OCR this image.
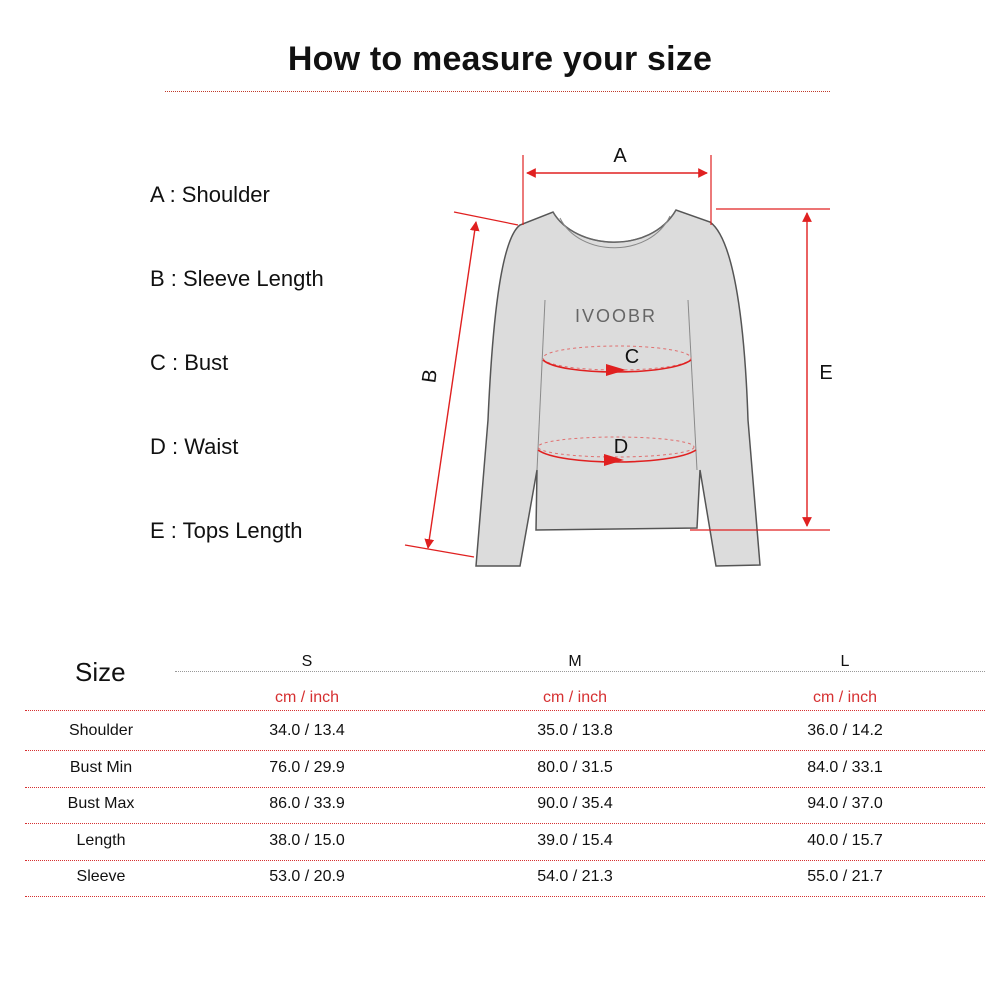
How to measure your size
A : Shoulder
B : Sleeve Length
C : Bust
D : Waist
E : Tops Length
IVOOBR
A
B
C
D
E
Size	S	M	L
cm / inch	cm / inch	cm / inch
Shoulder	34.0 / 13.4	35.0 / 13.8	36.0 / 14.2
Bust Min	76.0 / 29.9	80.0 / 31.5	84.0 / 33.1
Bust Max	86.0 / 33.9	90.0 / 35.4	94.0 / 37.0
Length	38.0 / 15.0	39.0 / 15.4	40.0 / 15.7
Sleeve	53.0 / 20.9	54.0 / 21.3	55.0 / 21.7
